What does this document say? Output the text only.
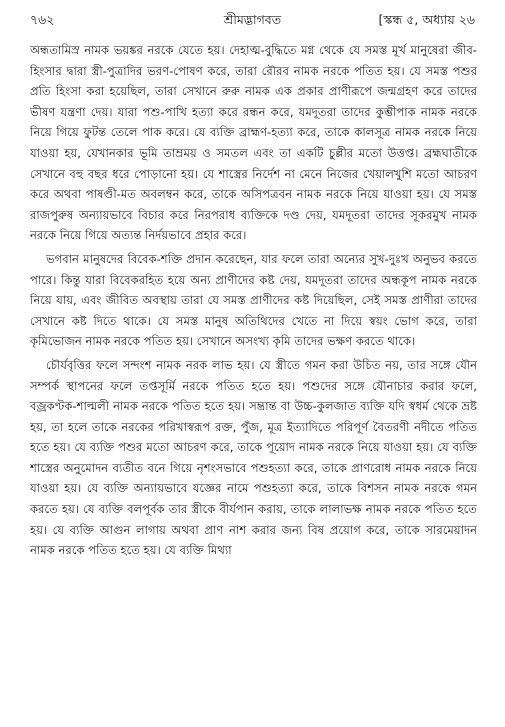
৭৬২	শ্রীমদ্ভাগবত	[স্কন্ধ ৫, অধ্যায় ২৬

অন্ধতামিস্র নামক ভয়ঙ্কর নরকে যেতে হয়। দেহাত্ম-বুদ্ধিতে মগ্ন থেকে যে সমস্ত মূর্খ মানুষেরা জীব-হিংসার দ্বারা স্ত্রী-পুত্রাদির ভরণ-পোষণ করে, তারা রৌরব নামক নরকে পতিত হয়। যে সমস্ত পশুর প্রতি হিংসা করা হয়েছিল, তারা সেখানে রুরু নামক এক প্রকার প্রাণীরূপে জন্মগ্রহণ করে তাদের ভীষণ যন্ত্রণা দেয়। যারা পশু-পাখি হত্যা করে রন্ধন করে, যমদূতরা তাদের কুম্ভীপাক নামক নরকে নিয়ে গিয়ে ফুটন্ত তেলে পাক করে। যে ব্যক্তি ব্রাহ্মণ-হত্যা করে, তাকে কালসূত্র নামক নরকে নিয়ে যাওয়া হয়, যেখানকার ভূমি তাম্রময় ও সমতল এবং তা একটি চুল্লীর মতো উত্তপ্ত। ব্রহ্মঘাতীকে সেখানে বহু বছর ধরে পোড়ানো হয়। যে শাস্ত্রের নির্দেশ না মেনে নিজের খেয়ালখুশি মতো আচরণ করে অথবা পাষণ্ডী-মত অবলম্বন করে, তাকে অসিপত্রবন নামক নরকে নিয়ে যাওয়া হয়। যে সমস্ত রাজপুরুষ অন্যায়ভাবে বিচার করে নিরপরাধ ব্যক্তিকে দণ্ড দেয়, যমদূতরা তাদের সূকরমুখ নামক নরকে নিয়ে গিয়ে অত্যন্ত নির্দয়ভাবে প্রহার করে।

ভগবান মানুষদের বিবেক-শক্তি প্রদান করেছেন, যার ফলে তারা অন্যের সুখ-দুঃখ অনুভব করতে পারে। কিন্তু যারা বিবেকরহিত হয়ে অন্য প্রাণীদের কষ্ট দেয়, যমদূতরা তাদের অন্ধকূপ নামক নরকে নিয়ে যায়, এবং জীবিত অবস্থায় তারা যে সমস্ত প্রাণীদের কষ্ট দিয়েছিল, সেই সমস্ত প্রাণীরা তাদের সেখানে কষ্ট দিতে থাকে। যে সমস্ত মানুষ অতিথিদের খেতে না দিয়ে স্বয়ং ভোগ করে, তারা কৃমিভোজন নামক নরকে পতিত হয়। সেখানে অসংখ্য কৃমি তাদের ভক্ষণ করতে থাকে।

চৌর্যবৃত্তির ফলে সন্দংশ নামক নরক লাভ হয়। যে স্ত্রীতে গমন করা উচিত নয়, তার সঙ্গে যৌন সম্পর্ক স্থাপনের ফলে তপ্তসূর্মি নরকে পতিত হতে হয়। পশুদের সঙ্গে যৌনাচার করার ফলে, বজ্রকণ্টক-শাল্মলী নামক নরকে পতিত হতে হয়। সম্ভ্রান্ত বা উচ্চ-কুলজাত ব্যক্তি যদি স্বধর্ম থেকে ভ্রষ্ট হয়, তা হলে তাকে নরকের পরিখাস্বরূপ রক্ত, পুঁজ, মূত্র ইত্যাদিতে পরিপূর্ণ বৈতরণী নদীতে পতিত হতে হয়। যে ব্যক্তি পশুর মতো আচরণ করে, তাকে পূয়োদ নামক নরকে নিয়ে যাওয়া হয়। যে ব্যক্তি শাস্ত্রের অনুমোদন ব্যতীত বনে গিয়ে নৃশংসভাবে পশুহত্যা করে, তাকে প্রাণরোধ নামক নরকে নিয়ে যাওয়া হয়। যে ব্যক্তি অন্যায়ভাবে যজ্ঞের নামে পশুহত্যা করে, তাকে বিশসন নামক নরকে গমন করতে হয়। যে ব্যক্তি বলপূর্বক তার স্ত্রীকে বীর্যপান করায়, তাকে লালাভক্ষ নামক নরকে পতিত হতে হয়। যে ব্যক্তি আগুন লাগায় অথবা প্রাণ নাশ করার জন্য বিষ প্রয়োগ করে, তাকে সারমেয়াদন নামক নরকে পতিত হতে হয়। যে ব্যক্তি মিথ্যা
